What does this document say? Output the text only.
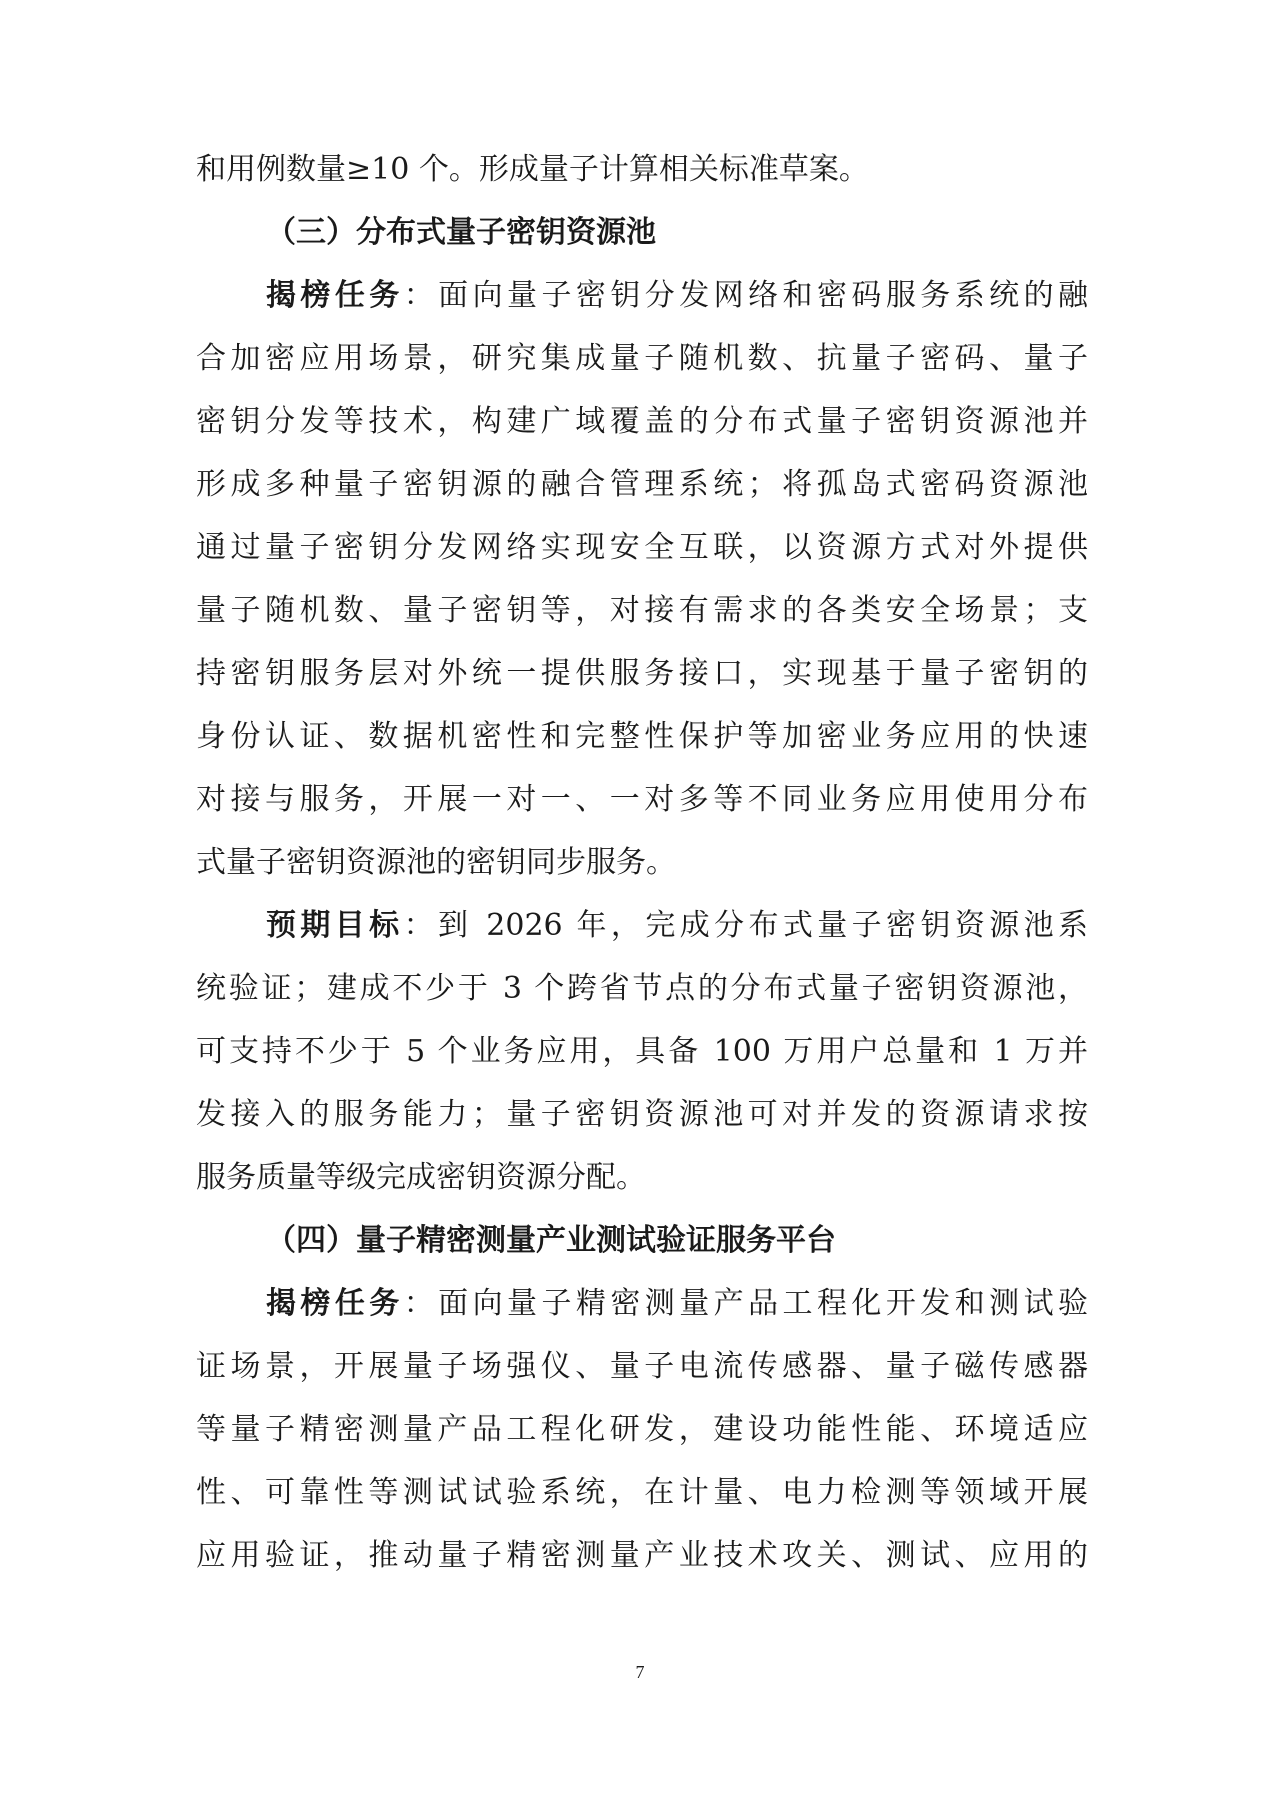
和用例数量≥10 个。形成量子计算相关标准草案。
（三）分布式量子密钥资源池
揭榜任务：面向量子密钥分发网络和密码服务系统的融
合加密应用场景，研究集成量子随机数、抗量子密码、量子
密钥分发等技术，构建广域覆盖的分布式量子密钥资源池并
形成多种量子密钥源的融合管理系统；将孤岛式密码资源池
通过量子密钥分发网络实现安全互联，以资源方式对外提供
量子随机数、量子密钥等，对接有需求的各类安全场景；支
持密钥服务层对外统一提供服务接口，实现基于量子密钥的
身份认证、数据机密性和完整性保护等加密业务应用的快速
对接与服务，开展一对一、一对多等不同业务应用使用分布
式量子密钥资源池的密钥同步服务。
预期目标：到 2026 年，完成分布式量子密钥资源池系
统验证；建成不少于 3 个跨省节点的分布式量子密钥资源池，
可支持不少于 5 个业务应用，具备 100 万用户总量和 1 万并
发接入的服务能力；量子密钥资源池可对并发的资源请求按
服务质量等级完成密钥资源分配。
（四）量子精密测量产业测试验证服务平台
揭榜任务：面向量子精密测量产品工程化开发和测试验
证场景，开展量子场强仪、量子电流传感器、量子磁传感器
等量子精密测量产品工程化研发，建设功能性能、环境适应
性、可靠性等测试试验系统，在计量、电力检测等领域开展
应用验证，推动量子精密测量产业技术攻关、测试、应用的
7
